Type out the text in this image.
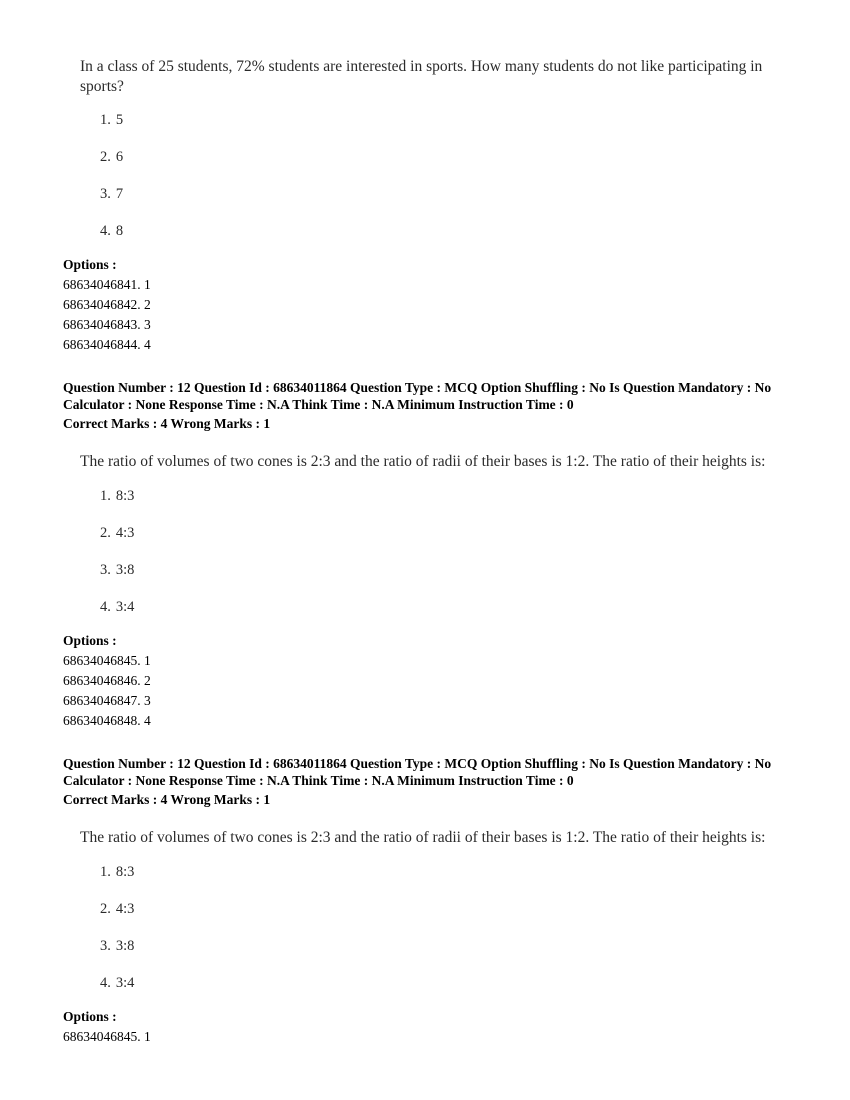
In a class of 25 students, 72% students are interested in sports. How many students do not like participating in sports?
1. 5
2. 6
3. 7
4. 8
Options :
68634046841. 1
68634046842. 2
68634046843. 3
68634046844. 4
Question Number : 12 Question Id : 68634011864 Question Type : MCQ Option Shuffling : No Is Question Mandatory : No Calculator : None Response Time : N.A Think Time : N.A Minimum Instruction Time : 0
Correct Marks : 4 Wrong Marks : 1
The ratio of volumes of two cones is 2:3 and the ratio of radii of their bases is 1:2. The ratio of their heights is:
1. 8:3
2. 4:3
3. 3:8
4. 3:4
Options :
68634046845. 1
68634046846. 2
68634046847. 3
68634046848. 4
Question Number : 12 Question Id : 68634011864 Question Type : MCQ Option Shuffling : No Is Question Mandatory : No Calculator : None Response Time : N.A Think Time : N.A Minimum Instruction Time : 0
Correct Marks : 4 Wrong Marks : 1
The ratio of volumes of two cones is 2:3 and the ratio of radii of their bases is 1:2. The ratio of their heights is:
1. 8:3
2. 4:3
3. 3:8
4. 3:4
Options :
68634046845. 1
